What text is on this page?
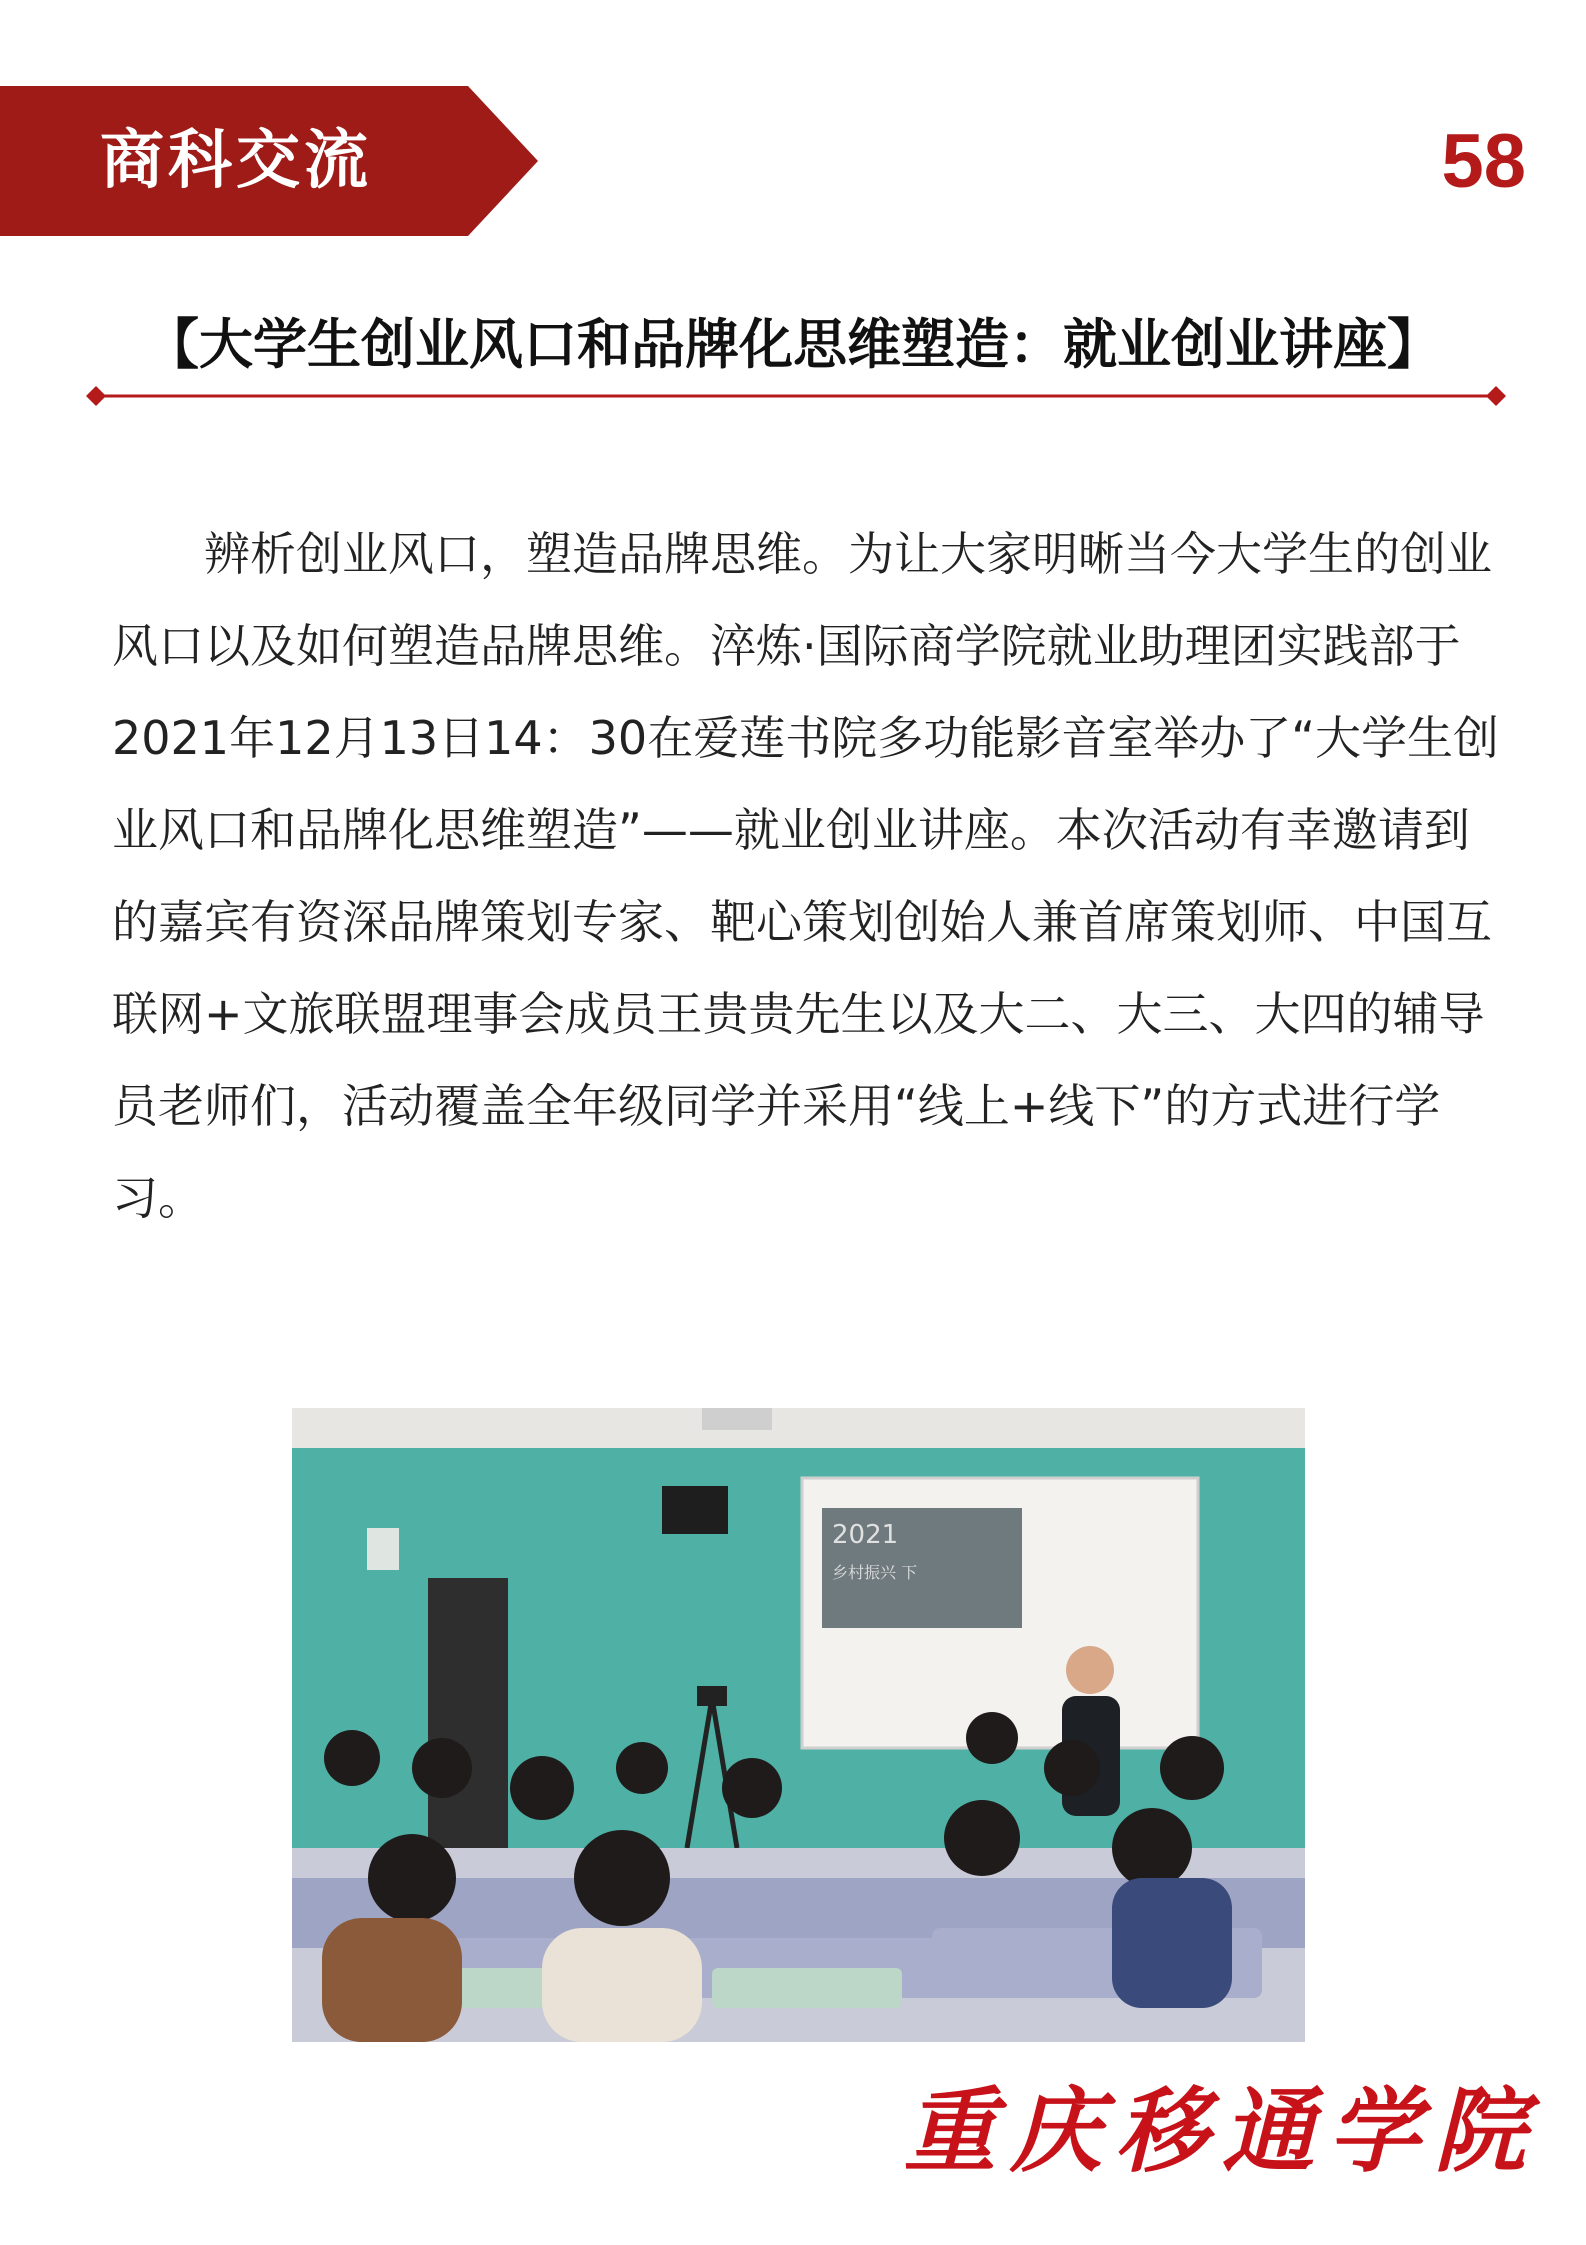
商科交流	58
【大学生创业风口和品牌化思维塑造：就业创业讲座】

辨析创业风口，塑造品牌思维。为让大家明晰当今大学生的创业风口以及如何塑造品牌思维。淬炼·国际商学院就业助理团实践部于2021年12月13日14：30在爱莲书院多功能影音室举办了“大学生创业风口和品牌化思维塑造”——就业创业讲座。本次活动有幸邀请到的嘉宾有资深品牌策划专家、靶心策划创始人兼首席策划师、中国互联网+文旅联盟理事会成员王贵贵先生以及大二、大三、大四的辅导员老师们，活动覆盖全年级同学并采用“线上+线下”的方式进行学习。

2021
乡村振兴 下
重庆移通学院
